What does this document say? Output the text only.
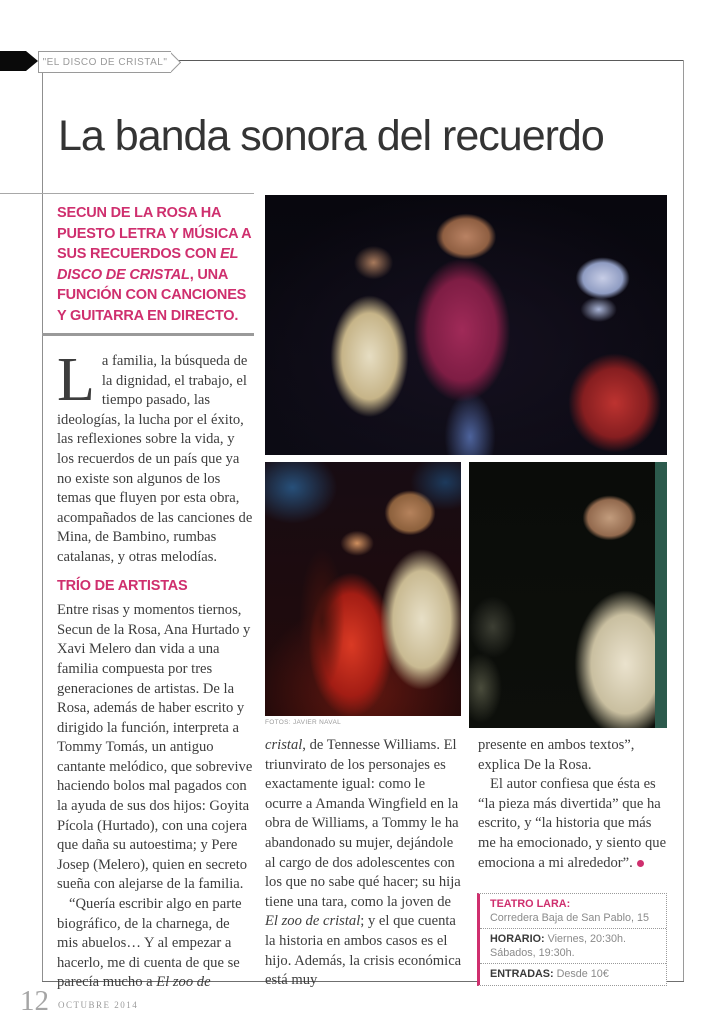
"EL DISCO DE CRISTAL"
La banda sonora del recuerdo
SECUN DE LA ROSA HA PUESTO LETRA Y MÚSICA A SUS RECUERDOS CON EL DISCO DE CRISTAL, UNA FUNCIÓN CON CANCIONES Y GUITARRA EN DIRECTO.
FOTOS: JAVIER NAVAL

La familia, la búsqueda de la dignidad, el trabajo, el tiempo pasado, las ideologías, la lucha por el éxito, las reflexiones sobre la vida, y los recuerdos de un país que ya no existe son algunos de los temas que fluyen por esta obra, acompañados de las canciones de Mina, de Bambino, rumbas catalanas, y otras melodías.

TRÍO DE ARTISTAS

Entre risas y momentos tiernos, Secun de la Rosa, Ana Hurtado y Xavi Melero dan vida a una familia compuesta por tres generaciones de artistas. De la Rosa, además de haber escrito y dirigido la función, interpreta a Tommy Tomás, un antiguo cantante melódico, que sobrevive haciendo bolos mal pagados con la ayuda de sus dos hijos: Goyita Pícola (Hurtado), con una cojera que daña su autoestima; y Pere Josep (Melero), quien en secreto sueña con alejarse de la familia.

“Quería escribir algo en parte biográfico, de la charnega, de mis abuelos… Y al empezar a hacerlo, me di cuenta de que se parecía mucho a El zoo de

cristal, de Tennesse Williams. El triunvirato de los personajes es exactamente igual: como le ocurre a Amanda Wingfield en la obra de Williams, a Tommy le ha abandonado su mujer, dejándole al cargo de dos adolescentes con los que no sabe qué hacer; su hija tiene una tara, como la joven de El zoo de cristal; y el que cuenta la historia en ambos casos es el hijo. Además, la crisis económica está muy

presente en ambos textos”, explica De la Rosa.

El autor confiesa que ésta es “la pieza más divertida” que ha escrito, y “la historia que más me ha emocionado, y siento que emociona a mi alrededor”.

TEATRO LARA:
Corredera Baja de San Pablo, 15
HORARIO: Viernes, 20:30h.
Sábados, 19:30h.
ENTRADAS: Desde 10€
12 OCTUBRE 2014
